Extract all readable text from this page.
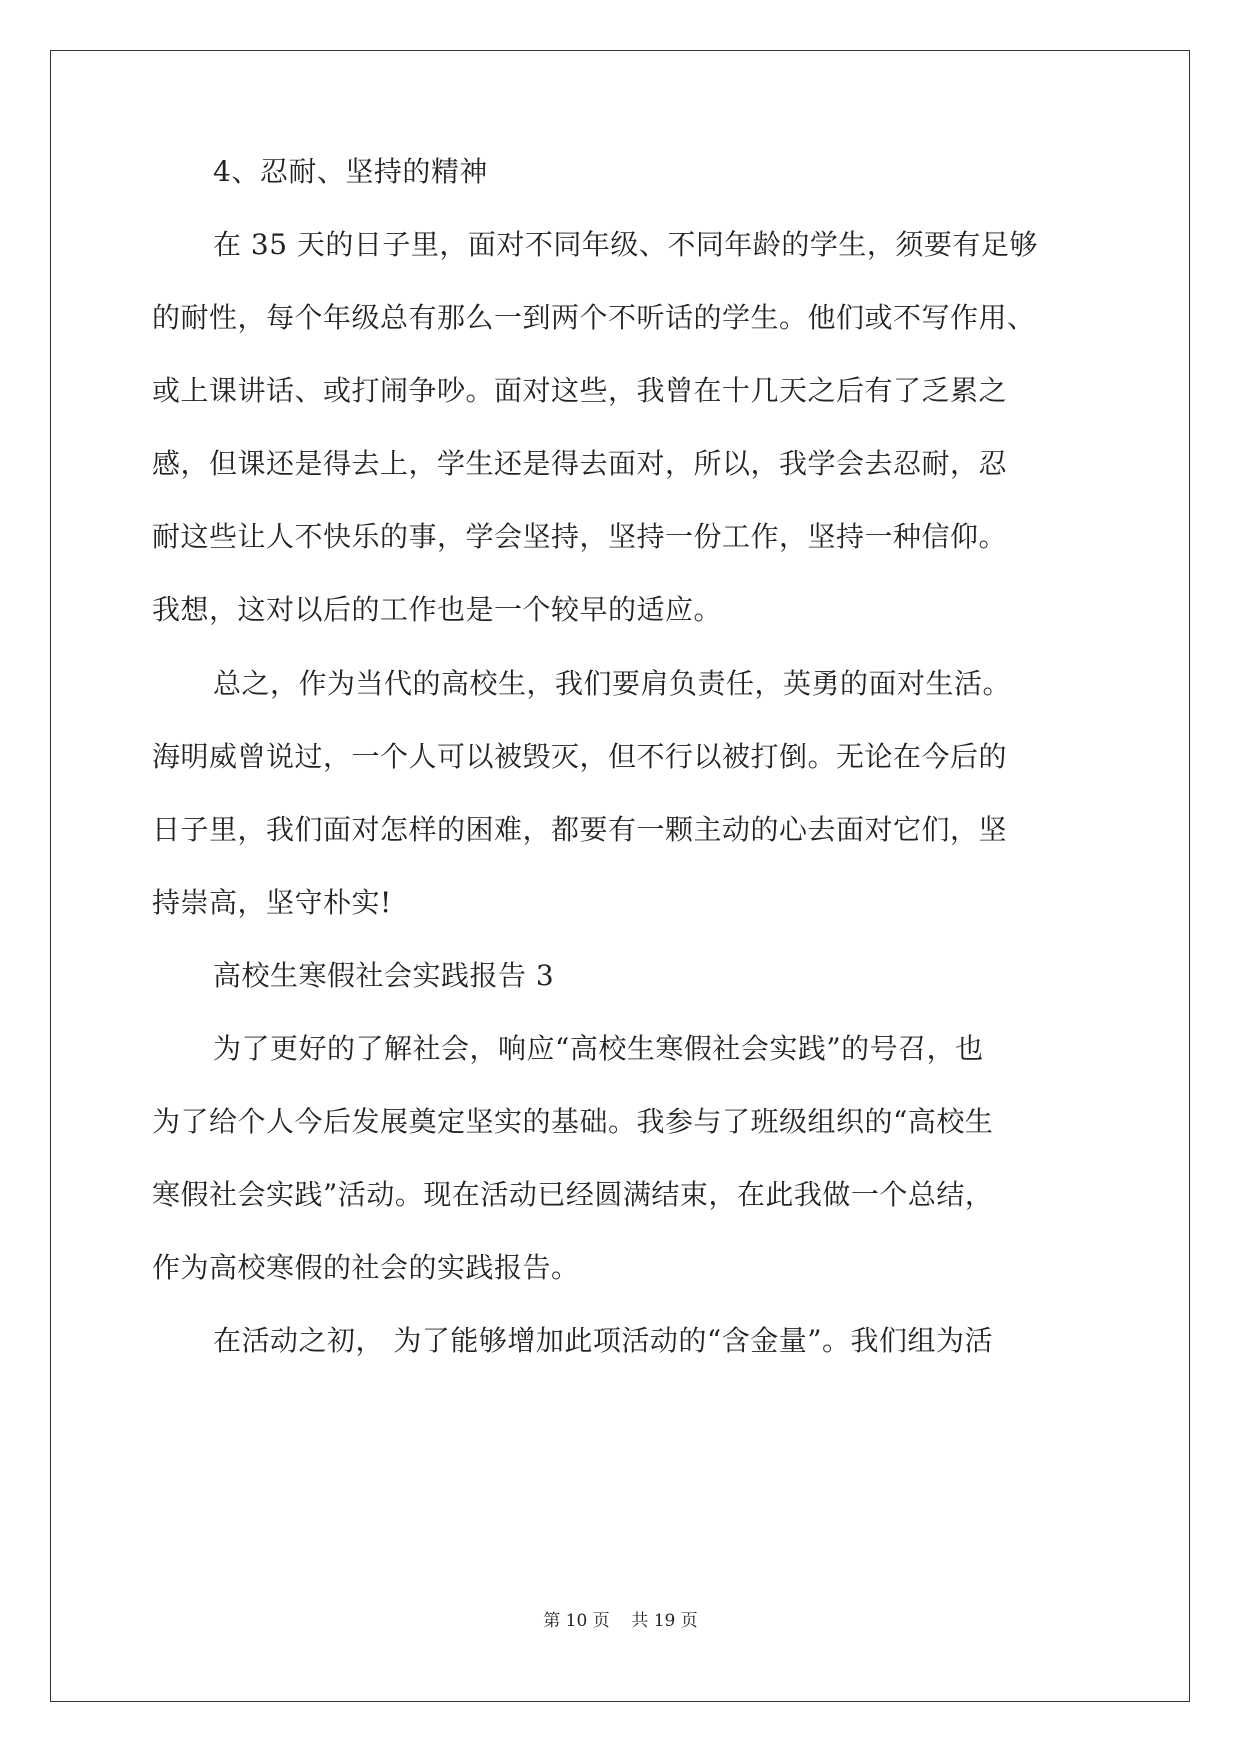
4、忍耐、坚持的精神
在 35 天的日子里，面对不同年级、不同年龄的学生，须要有足够
的耐性，每个年级总有那么一到两个不听话的学生。他们或不写作用、
或上课讲话、或打闹争吵。面对这些，我曾在十几天之后有了乏累之
感，但课还是得去上，学生还是得去面对，所以，我学会去忍耐，忍
耐这些让人不快乐的事，学会坚持，坚持一份工作，坚持一种信仰。
我想，这对以后的工作也是一个较早的适应。
总之，作为当代的高校生，我们要肩负责任，英勇的面对生活。
海明威曾说过，一个人可以被毁灭，但不行以被打倒。无论在今后的
日子里，我们面对怎样的困难，都要有一颗主动的心去面对它们，坚
持崇高，坚守朴实!
高校生寒假社会实践报告 3
为了更好的了解社会，响应“高校生寒假社会实践”的号召，也
为了给个人今后发展奠定坚实的基础。我参与了班级组织的“高校生
寒假社会实践”活动。现在活动已经圆满结束，在此我做一个总结，
作为高校寒假的社会的实践报告。
在活动之初， 为了能够增加此项活动的“含金量”。我们组为活
第 10 页    共 19 页
